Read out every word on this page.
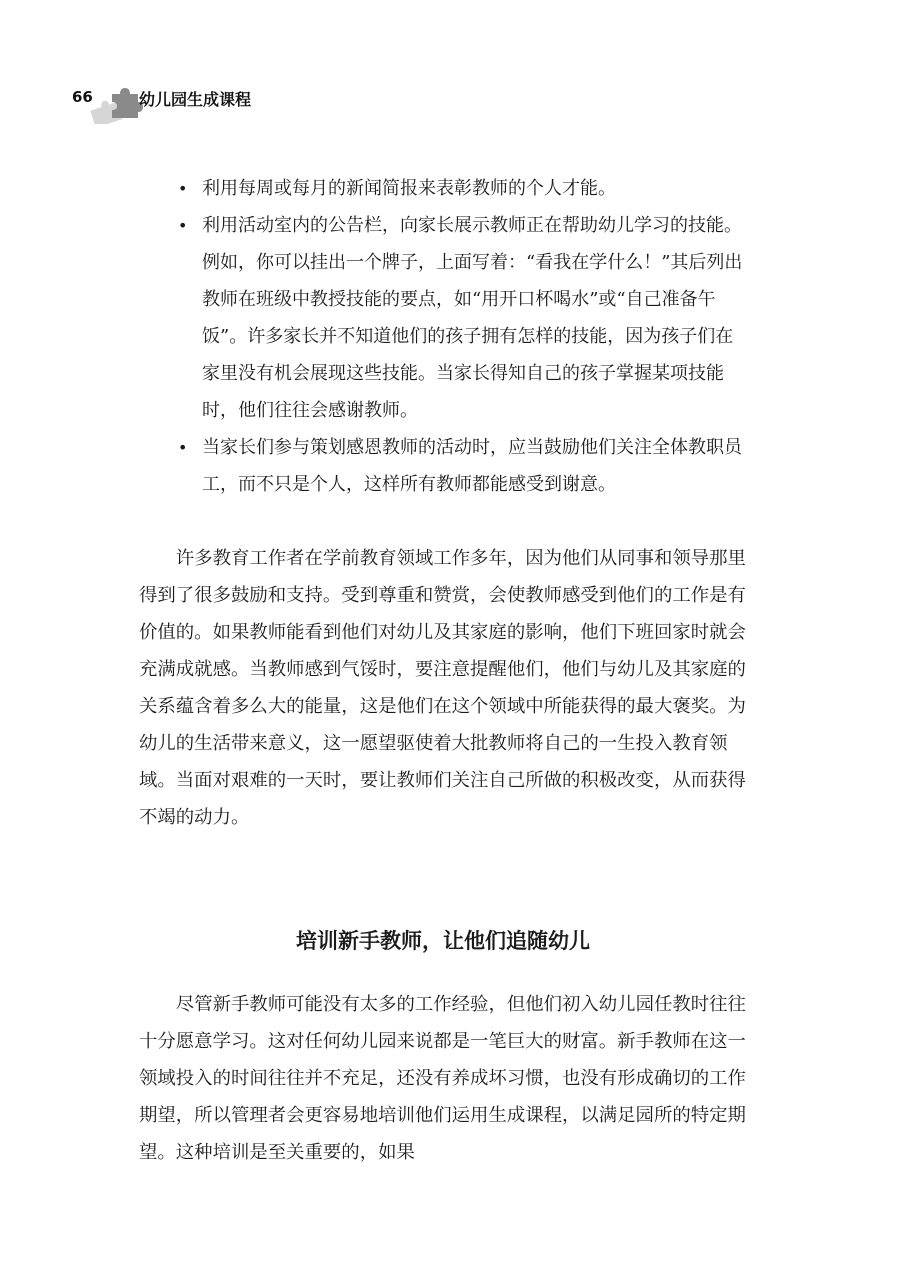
66	幼儿园生成课程
• 利用每周或每月的新闻简报来表彰教师的个人才能。
• 利用活动室内的公告栏，向家长展示教师正在帮助幼儿学习的技能。例如，你可以挂出一个牌子，上面写着：“看我在学什么！”其后列出教师在班级中教授技能的要点，如“用开口杯喝水”或“自己准备午饭”。许多家长并不知道他们的孩子拥有怎样的技能，因为孩子们在家里没有机会展现这些技能。当家长得知自己的孩子掌握某项技能时，他们往往会感谢教师。
• 当家长们参与策划感恩教师的活动时，应当鼓励他们关注全体教职员工，而不只是个人，这样所有教师都能感受到谢意。

许多教育工作者在学前教育领域工作多年，因为他们从同事和领导那里得到了很多鼓励和支持。受到尊重和赞赏，会使教师感受到他们的工作是有价值的。如果教师能看到他们对幼儿及其家庭的影响，他们下班回家时就会充满成就感。当教师感到气馁时，要注意提醒他们，他们与幼儿及其家庭的关系蕴含着多么大的能量，这是他们在这个领域中所能获得的最大褒奖。为幼儿的生活带来意义，这一愿望驱使着大批教师将自己的一生投入教育领域。当面对艰难的一天时，要让教师们关注自己所做的积极改变，从而获得不竭的动力。

培训新手教师，让他们追随幼儿

尽管新手教师可能没有太多的工作经验，但他们初入幼儿园任教时往往十分愿意学习。这对任何幼儿园来说都是一笔巨大的财富。新手教师在这一领域投入的时间往往并不充足，还没有养成坏习惯，也没有形成确切的工作期望，所以管理者会更容易地培训他们运用生成课程，以满足园所的特定期望。这种培训是至关重要的，如果
